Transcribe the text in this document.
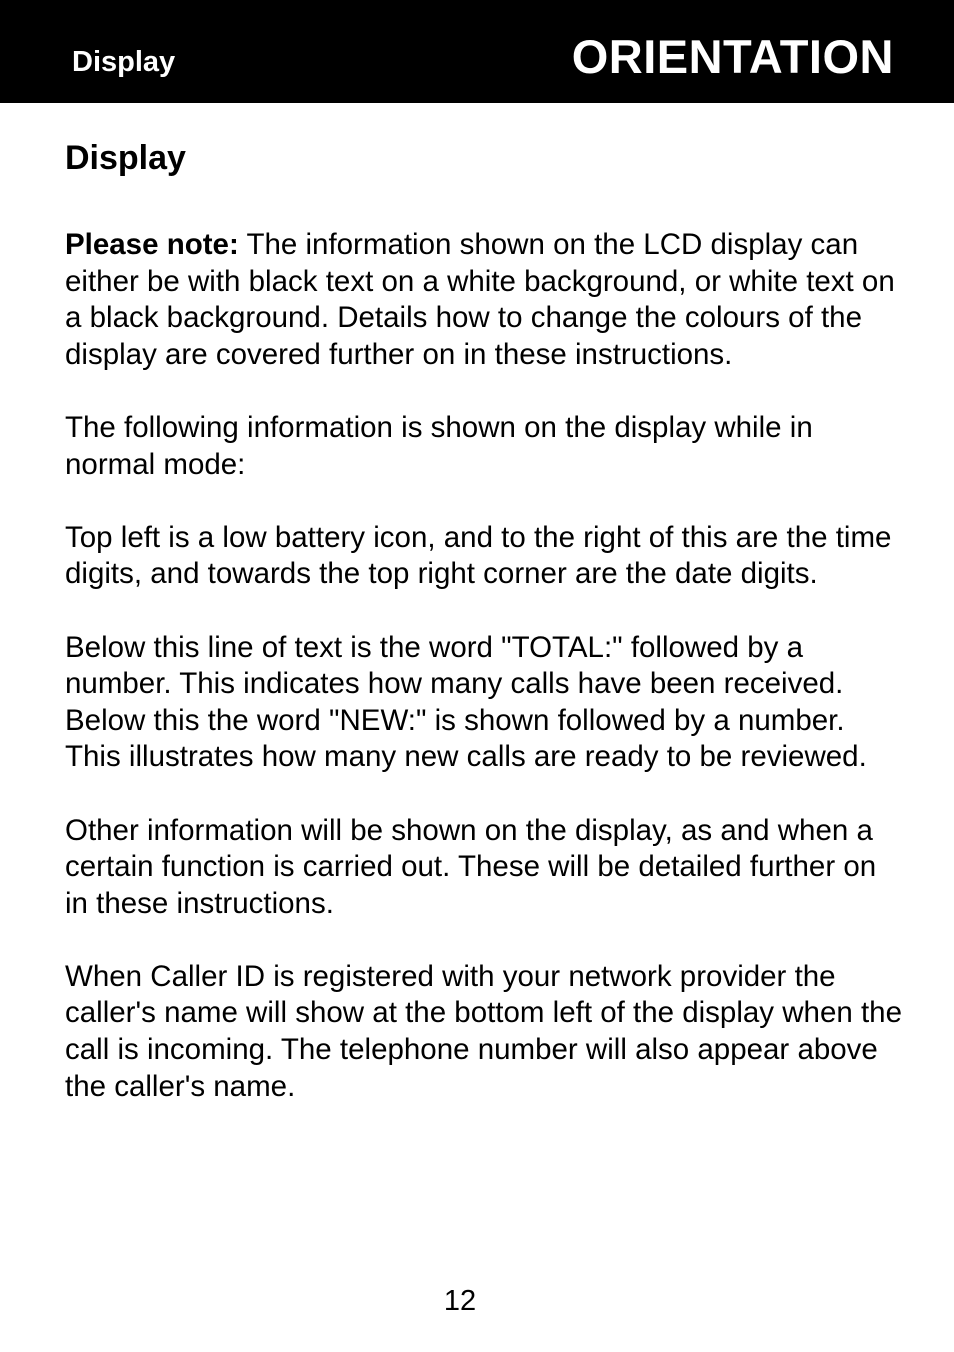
Display	ORIENTATION
Display

Please note: The information shown on the LCD display can either be with black text on a white background, or white text on a black background. Details how to change the colours of the display are covered further on in these instructions.

The following information is shown on the display while in normal mode:

Top left is a low battery icon, and to the right of this are the time digits, and towards the top right corner are the date digits.

Below this line of text is the word "TOTAL:" followed by a number. This indicates how many calls have been received. Below this the word "NEW:" is shown followed by a number. This illustrates how many new calls are ready to be reviewed.

Other information will be shown on the display, as and when a certain function is carried out. These will be detailed further on in these instructions.

When Caller ID is registered with your network provider the caller's name will show at the bottom left of the display when the call is incoming. The telephone number will also appear above the caller's name.

12
